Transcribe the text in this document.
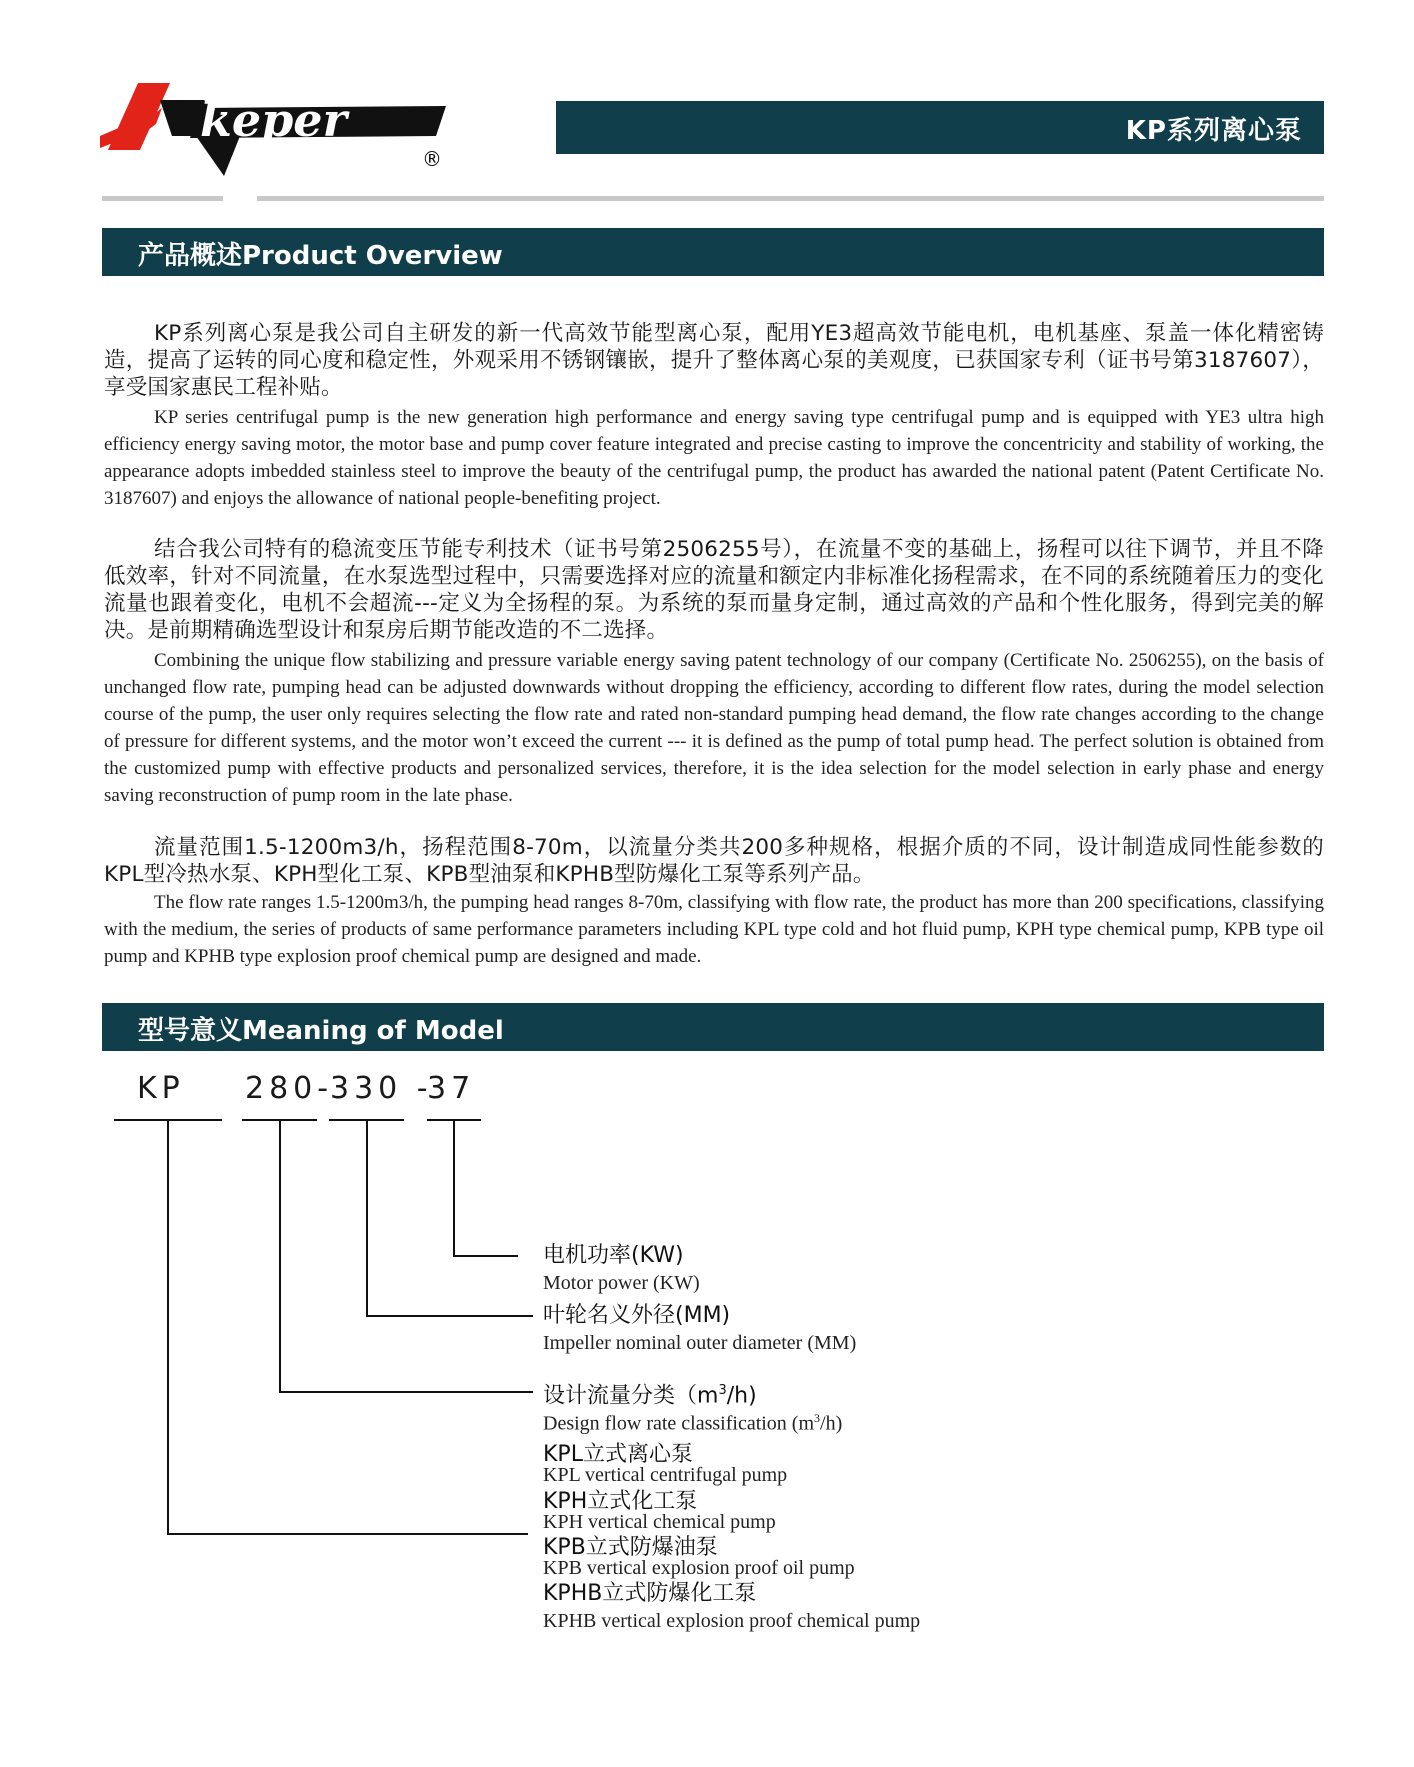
keper
®
KP系列离心泵
产品概述Product Overview

KP系列离心泵是我公司自主研发的新一代高效节能型离心泵，配用YE3超高效节能电机，电机基座、泵盖一体化精密铸造，提高了运转的同心度和稳定性，外观采用不锈钢镶嵌，提升了整体离心泵的美观度，已获国家专利（证书号第3187607），享受国家惠民工程补贴。

KP series centrifugal pump is the new generation high performance and energy saving type centrifugal pump and is equipped with YE3 ultra high efficiency energy saving motor, the motor base and pump cover feature integrated and precise casting to improve the concentricity and stability of working, the appearance adopts imbedded stainless steel to improve the beauty of the centrifugal pump, the product has awarded the national patent (Patent Certificate No. 3187607) and enjoys the allowance of national people-benefiting project.

结合我公司特有的稳流变压节能专利技术（证书号第2506255号），在流量不变的基础上，扬程可以往下调节，并且不降低效率，针对不同流量，在水泵选型过程中，只需要选择对应的流量和额定内非标准化扬程需求，在不同的系统随着压力的变化流量也跟着变化，电机不会超流---定义为全扬程的泵。为系统的泵而量身定制，通过高效的产品和个性化服务，得到完美的解决。是前期精确选型设计和泵房后期节能改造的不二选择。

Combining the unique flow stabilizing and pressure variable energy saving patent technology of our company (Certificate No. 2506255), on the basis of unchanged flow rate, pumping head can be adjusted downwards without dropping the efficiency, according to different flow rates, during the model selection course of the pump, the user only requires selecting the flow rate and rated non-standard pumping head demand, the flow rate changes according to the change of pressure for different systems, and the motor won’t exceed the current --- it is defined as the pump of total pump head. The perfect solution is obtained from the customized pump with effective products and personalized services, therefore, it is the idea selection for the model selection in early phase and energy saving reconstruction of pump room in the late phase.

流量范围1.5-1200m3/h，扬程范围8-70m，以流量分类共200多种规格，根据介质的不同，设计制造成同性能参数的KPL型冷热水泵、KPH型化工泵、KPB型油泵和KPHB型防爆化工泵等系列产品。

The flow rate ranges 1.5-1200m3/h, the pumping head ranges 8-70m, classifying with flow rate, the product has more than 200 specifications, classifying with the medium, the series of products of same performance parameters including KPL type cold and hot fluid pump, KPH type chemical pump, KPB type oil pump and KPHB type explosion proof chemical pump are designed and made.

型号意义Meaning of Model
KP 280-
330 -
37
电机功率(KW)
Motor power (KW)
叶轮名义外径(MM)
Impeller nominal outer diameter (MM)
设计流量分类$(m^3/h)$
Design flow rate classification $(m^3/h)$
KPL立式离心泵
KPL vertical centrifugal pump
KPH立式化工泵
KPH vertical chemical pump
KPB立式防爆油泵
KPB vertical explosion proof oil pump
KPHB立式防爆化工泵
KPHB vertical explosion proof chemical pump
